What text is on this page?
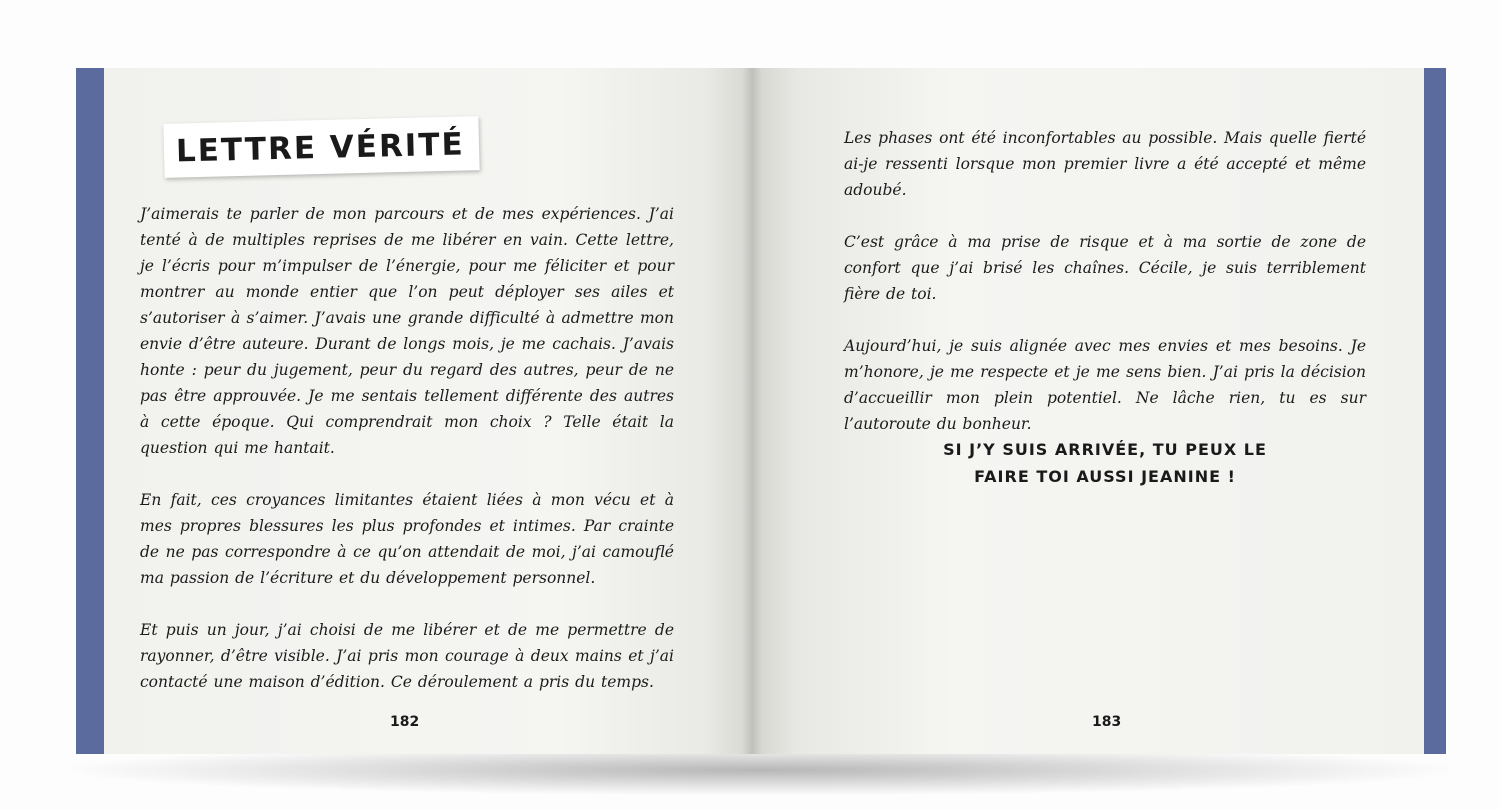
LETTRE VÉRITÉ

J’aimerais te parler de mon parcours et de mes expériences. J’ai tenté à de multiples reprises de me libérer en vain. Cette lettre, je l’écris pour m’impulser de l’énergie, pour me féliciter et pour montrer au monde entier que l’on peut déployer ses ailes et s’autoriser à s’aimer. J’avais une grande difficulté à admettre mon envie d’être auteure. Durant de longs mois, je me cachais. J’avais honte : peur du jugement, peur du regard des autres, peur de ne pas être approuvée. Je me sentais tellement différente des autres à cette époque. Qui comprendrait mon choix ? Telle était la question qui me hantait.

En fait, ces croyances limitantes étaient liées à mon vécu et à mes propres blessures les plus profondes et intimes. Par crainte de ne pas correspondre à ce qu’on attendait de moi, j’ai camouflé ma passion de l’écriture et du développement personnel.

Et puis un jour, j’ai choisi de me libérer et de me permettre de rayonner, d’être visible. J’ai pris mon courage à deux mains et j’ai contacté une maison d’édition. Ce déroulement a pris du temps.

182

Les phases ont été inconfortables au possible. Mais quelle fierté ai-je ressenti lorsque mon premier livre a été accepté et même adoubé.

C’est grâce à ma prise de risque et à ma sortie de zone de confort que j’ai brisé les chaînes. Cécile, je suis terriblement fière de toi.

Aujourd’hui, je suis alignée avec mes envies et mes besoins. Je m’honore, je me respecte et je me sens bien. J’ai pris la décision d’accueillir mon plein potentiel. Ne lâche rien, tu es sur l’autoroute du bonheur.

SI J’Y SUIS ARRIVÉE, TU PEUX LE
FAIRE TOI AUSSI JEANINE !
183
